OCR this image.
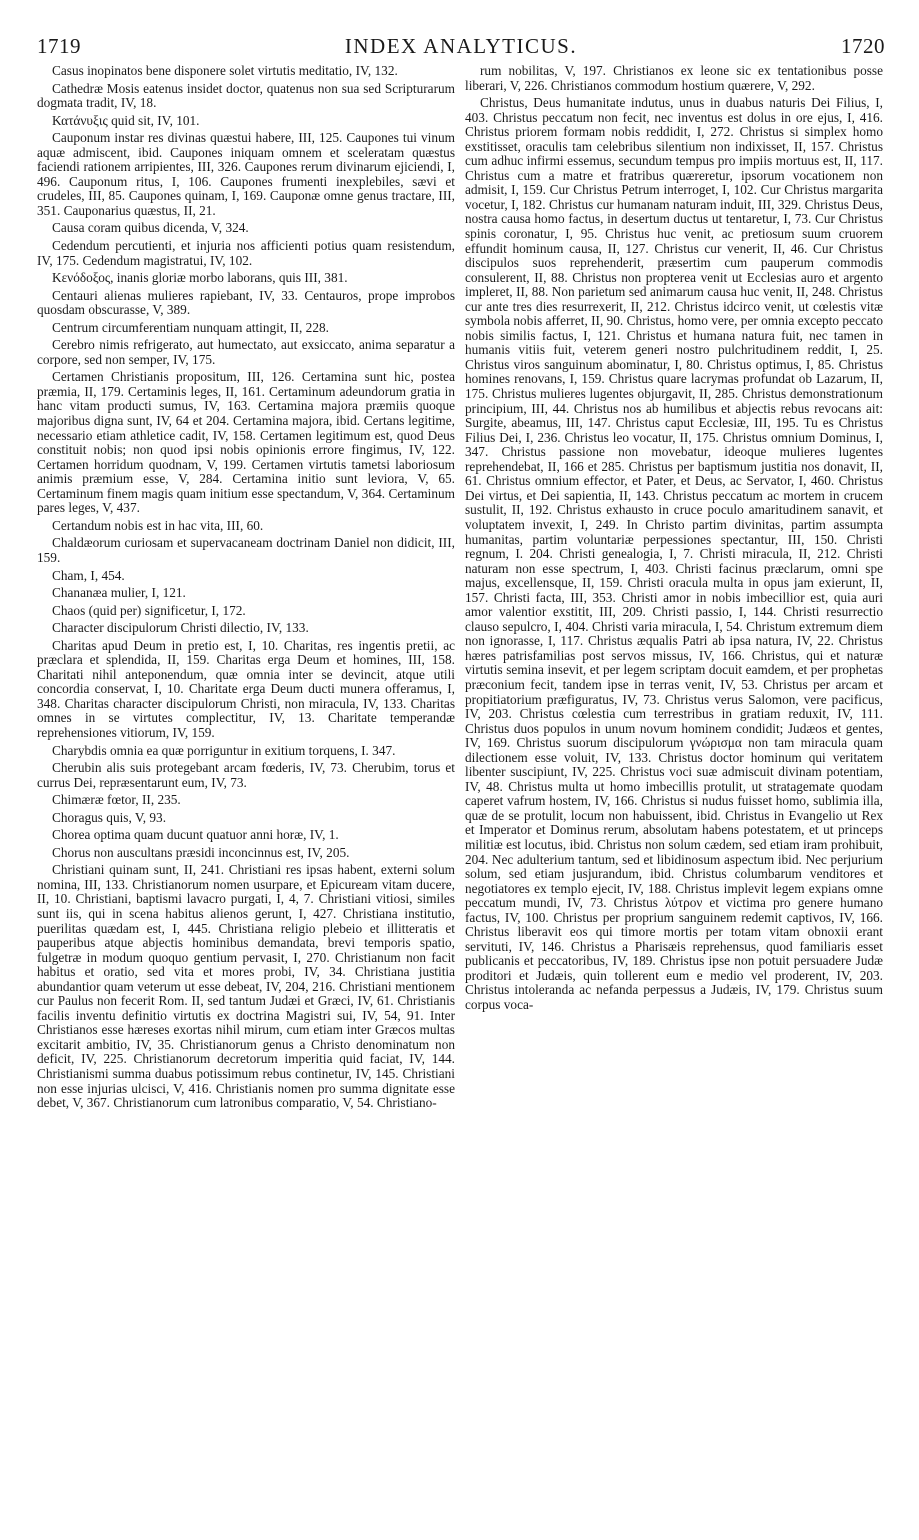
1719	INDEX ANALYTICUS.	1720

Casus inopinatos bene disponere solet virtutis meditatio, IV, 132.

Cathedræ Mosis eatenus insidet doctor, quatenus non sua sed Scripturarum dogmata tradit, IV, 18.

Κατάνυξις quid sit, IV, 101.

Cauponum instar res divinas quæstui habere, III, 125. Caupones tui vinum aquæ admiscent, ibid. Caupones iniquam omnem et sceleratam quæstus faciendi rationem arripientes, III, 326. Caupones rerum divinarum ejiciendi, I, 496. Cauponum ritus, I, 106. Caupones frumenti inexplebiles, sævi et crudeles, III, 85. Caupones quinam, I, 169. Cauponæ omne genus tractare, III, 351. Cauponarius quæstus, II, 21.

Causa coram quibus dicenda, V, 324.

Cedendum percutienti, et injuria nos afficienti potius quam resistendum, IV, 175. Cedendum magistratui, IV, 102.

Κενόδοξος, inanis gloriæ morbo laborans, quis III, 381.

Centauri alienas mulieres rapiebant, IV, 33. Centauros, prope improbos quosdam obscurasse, V, 389.

Centrum circumferentiam nunquam attingit, II, 228.

Cerebro nimis refrigerato, aut humectato, aut exsiccato, anima separatur a corpore, sed non semper, IV, 175.

Certamen Christianis propositum, III, 126. Certamina sunt hic, postea præmia, II, 179. Certaminis leges, II, 161. Certaminum adeundorum gratia in hanc vitam producti sumus, IV, 163. Certamina majora præmiis quoque majoribus digna sunt, IV, 64 et 204. Certamina majora, ibid. Certans legitime, necessario etiam athletice cadit, IV, 158. Certamen legitimum est, quod Deus constituit nobis; non quod ipsi nobis opinionis errore fingimus, IV, 122. Certamen horridum quodnam, V, 199. Certamen virtutis tametsi laboriosum animis præmium esse, V, 284. Certamina initio sunt leviora, V, 65. Certaminum finem magis quam initium esse spectandum, V, 364. Certaminum pares leges, V, 437.

Certandum nobis est in hac vita, III, 60.

Chaldæorum curiosam et supervacaneam doctrinam Daniel non didicit, III, 159.

Cham, I, 454.

Chananæa mulier, I, 121.

Chaos (quid per) significetur, I, 172.

Character discipulorum Christi dilectio, IV, 133.

Charitas apud Deum in pretio est, I, 10. Charitas, res ingentis pretii, ac præclara et splendida, II, 159. Charitas erga Deum et homines, III, 158. Charitati nihil anteponendum, quæ omnia inter se devincit, atque utili concordia conservat, I, 10. Charitate erga Deum ducti munera offeramus, I, 348. Charitas character discipulorum Christi, non miracula, IV, 133. Charitas omnes in se virtutes complectitur, IV, 13. Charitate temperandæ reprehensiones vitiorum, IV, 159.

Charybdis omnia ea quæ porriguntur in exitium torquens, I. 347.

Cherubin alis suis protegebant arcam fœderis, IV, 73. Cherubim, torus et currus Dei, repræsentarunt eum, IV, 73.

Chimæræ fœtor, II, 235.

Choragus quis, V, 93.

Chorea optima quam ducunt quatuor anni horæ, IV, 1.

Chorus non auscultans præsidi inconcinnus est, IV, 205.

Christiani quinam sunt, II, 241. Christiani res ipsas habent, externi solum nomina, III, 133. Christianorum nomen usurpare, et Epicuream vitam ducere, II, 10. Christiani, baptismi lavacro purgati, I, 4, 7. Christiani vitiosi, similes sunt iis, qui in scena habitus alienos gerunt, I, 427. Christiana institutio, puerilitas quædam est, I, 445. Christiana religio plebeio et illitteratis et pauperibus atque abjectis hominibus demandata, brevi temporis spatio, fulgetræ in modum quoquo gentium pervasit, I, 270. Christianum non facit habitus et oratio, sed vita et mores probi, IV, 34. Christiana justitia abundantior quam veterum ut esse debeat, IV, 204, 216. Christiani mentionem cur Paulus non fecerit Rom. II, sed tantum Judæi et Græci, IV, 61. Christianis facilis inventu definitio virtutis ex doctrina Magistri sui, IV, 54, 91. Inter Christianos esse hæreses exortas nihil mirum, cum etiam inter Græcos multas excitarit ambitio, IV, 35. Christianorum genus a Christo denominatum non deficit, IV, 225. Christianorum decretorum imperitia quid faciat, IV, 144. Christianismi summa duabus potissimum rebus continetur, IV, 145. Christiani non esse injurias ulcisci, V, 416. Christianis nomen pro summa dignitate esse debet, V, 367. Christianorum cum latronibus comparatio, V, 54. Christiano-

rum nobilitas, V, 197. Christianos ex leone sic ex tentationibus posse liberari, V, 226. Christianos commodum hostium quærere, V, 292.

Christus, Deus humanitate indutus, unus in duabus naturis Dei Filius, I, 403. Christus peccatum non fecit, nec inventus est dolus in ore ejus, I, 416. Christus priorem formam nobis reddidit, I, 272. Christus si simplex homo exstitisset, oraculis tam celebribus silentium non indixisset, II, 157. Christus cum adhuc infirmi essemus, secundum tempus pro impiis mortuus est, II, 117. Christus cum a matre et fratribus quæreretur, ipsorum vocationem non admisit, I, 159. Cur Christus Petrum interroget, I, 102. Cur Christus margarita vocetur, I, 182. Christus cur humanam naturam induit, III, 329. Christus Deus, nostra causa homo factus, in desertum ductus ut tentaretur, I, 73. Cur Christus spinis coronatur, I, 95. Christus huc venit, ac pretiosum suum cruorem effundit hominum causa, II, 127. Christus cur venerit, II, 46. Cur Christus discipulos suos reprehenderit, præsertim cum pauperum commodis consulerent, II, 88. Christus non propterea venit ut Ecclesias auro et argento impleret, II, 88. Non parietum sed animarum causa huc venit, II, 248. Christus cur ante tres dies resurrexerit, II, 212. Christus idcirco venit, ut cœlestis vitæ symbola nobis afferret, II, 90. Christus, homo vere, per omnia excepto peccato nobis similis factus, I, 121. Christus et humana natura fuit, nec tamen in humanis vitiis fuit, veterem generi nostro pulchritudinem reddit, I, 25. Christus viros sanguinum abominatur, I, 80. Christus optimus, I, 85. Christus homines renovans, I, 159. Christus quare lacrymas profundat ob Lazarum, II, 175. Christus mulieres lugentes objurgavit, II, 285. Christus demonstrationum principium, III, 44. Christus nos ab humilibus et abjectis rebus revocans ait: Surgite, abeamus, III, 147. Christus caput Ecclesiæ, III, 195. Tu es Christus Filius Dei, I, 236. Christus leo vocatur, II, 175. Christus omnium Dominus, I, 347. Christus passione non movebatur, ideoque mulieres lugentes reprehendebat, II, 166 et 285. Christus per baptismum justitia nos donavit, II, 61. Christus omnium effector, et Pater, et Deus, ac Servator, I, 460. Christus Dei virtus, et Dei sapientia, II, 143. Christus peccatum ac mortem in crucem sustulit, II, 192. Christus exhausto in cruce poculo amaritudinem sanavit, et voluptatem invexit, I, 249. In Christo partim divinitas, partim assumpta humanitas, partim voluntariæ perpessiones spectantur, III, 150. Christi regnum, I. 204. Christi genealogia, I, 7. Christi miracula, II, 212. Christi naturam non esse spectrum, I, 403. Christi facinus præclarum, omni spe majus, excellensque, II, 159. Christi oracula multa in opus jam exierunt, II, 157. Christi facta, III, 353. Christi amor in nobis imbecillior est, quia auri amor valentior exstitit, III, 209. Christi passio, I, 144. Christi resurrectio clauso sepulcro, I, 404. Christi varia miracula, I, 54. Christum extremum diem non ignorasse, I, 117. Christus æqualis Patri ab ipsa natura, IV, 22. Christus hæres patrisfamilias post servos missus, IV, 166. Christus, qui et naturæ virtutis semina insevit, et per legem scriptam docuit eamdem, et per prophetas præconium fecit, tandem ipse in terras venit, IV, 53. Christus per arcam et propitiatorium præfiguratus, IV, 73. Christus verus Salomon, vere pacificus, IV, 203. Christus cœlestia cum terrestribus in gratiam reduxit, IV, 111. Christus duos populos in unum novum hominem condidit; Judæos et gentes, IV, 169. Christus suorum discipulorum γνώρισμα non tam miracula quam dilectionem esse voluit, IV, 133. Christus doctor hominum qui veritatem libenter suscipiunt, IV, 225. Christus voci suæ admiscuit divinam potentiam, IV, 48. Christus multa ut homo imbecillis protulit, ut stratagemate quodam caperet vafrum hostem, IV, 166. Christus si nudus fuisset homo, sublimia illa, quæ de se protulit, locum non habuissent, ibid. Christus in Evangelio ut Rex et Imperator et Dominus rerum, absolutam habens potestatem, et ut princeps militiæ est locutus, ibid. Christus non solum cædem, sed etiam iram prohibuit, 204. Nec adulterium tantum, sed et libidinosum aspectum ibid. Nec perjurium solum, sed etiam jusjurandum, ibid. Christus columbarum venditores et negotiatores ex templo ejecit, IV, 188. Christus implevit legem expians omne peccatum mundi, IV, 73. Christus λύτρον et victima pro genere humano factus, IV, 100. Christus per proprium sanguinem redemit captivos, IV, 166. Christus liberavit eos qui timore mortis per totam vitam obnoxii erant servituti, IV, 146. Christus a Pharisæis reprehensus, quod familiaris esset publicanis et peccatoribus, IV, 189. Christus ipse non potuit persuadere Judæ proditori et Judæis, quin tollerent eum e medio vel proderent, IV, 203. Christus intoleranda ac nefanda perpessus a Judæis, IV, 179. Christus suum corpus voca-
